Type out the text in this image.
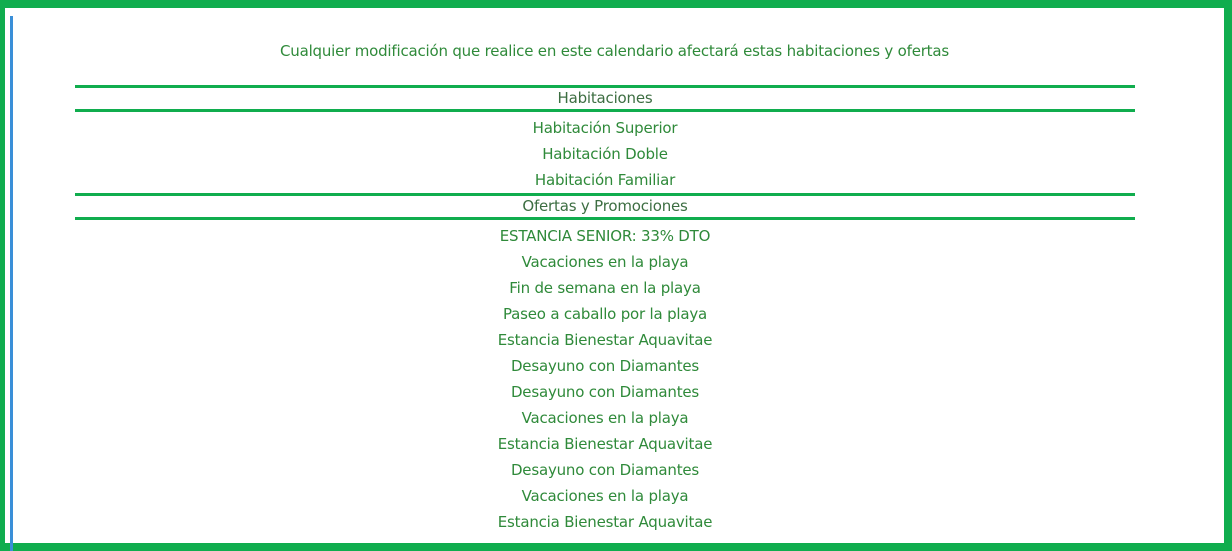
Cualquier modificación que realice en este calendario afectará estas habitaciones y ofertas
Habitaciones
Habitación Superior
Habitación Doble
Habitación Familiar
Ofertas y Promociones
ESTANCIA SENIOR: 33% DTO
Vacaciones en la playa
Fin de semana en la playa
Paseo a caballo por la playa
Estancia Bienestar Aquavitae
Desayuno con Diamantes
Desayuno con Diamantes
Vacaciones en la playa
Estancia Bienestar Aquavitae
Desayuno con Diamantes
Vacaciones en la playa
Estancia Bienestar Aquavitae
